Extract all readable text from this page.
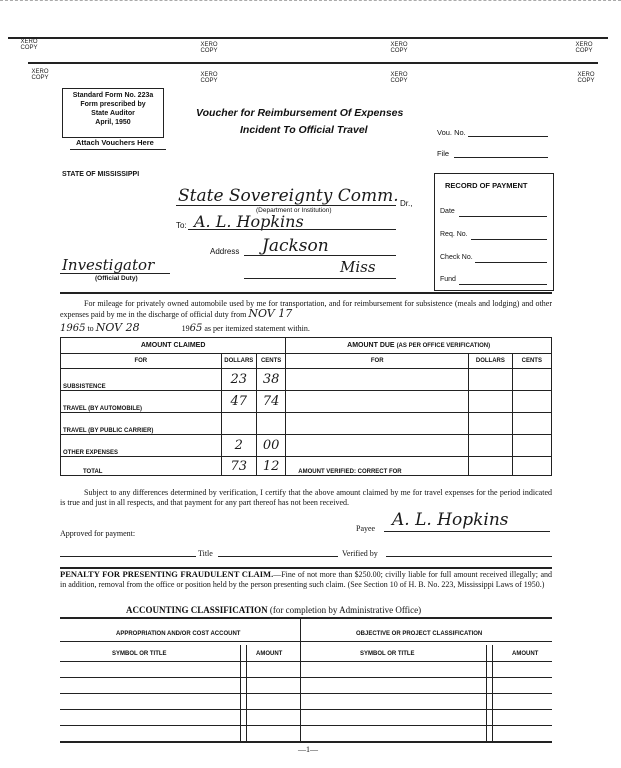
XERO COPY	XERO COPY
XERO COPY
XERO COPY
XERO COPY	XERO COPY
XERO COPY
XERO COPY
Standard Form No. 223a
Form prescribed by
State Auditor
April, 1950
Attach Vouchers Here
Voucher for Reimbursement Of Expenses
Incident To Official Travel	Vou. No.
File
STATE OF MISSISSIPPI
State Sovereignty Comm. Dr.,
(Department or Institution)
To: A. L. Hopkins
Address Jackson
Miss
Investigator
(Official Duty)
RECORD OF PAYMENT
Date
Req. No.
Check No.
Fund
For mileage for privately owned automobile used by me for transportation, and for reimbursement for subsistence (meals and lodging) and other expenses paid by me in the discharge of official duty from NOV 17
1965 to NOV 28	1965 as per itemized statement within.
AMOUNT CLAIMED			AMOUNT DUE (AS PER OFFICE VERIFICATION)		
FOR	DOLLARS	CENTS	FOR	DOLLARS	CENTS
SUBSISTENCE	23	38			
TRAVEL (BY AUTOMOBILE)	47	74			
TRAVEL (BY PUBLIC CARRIER)					
OTHER EXPENSES	2	00			
TOTAL	73	12	AMOUNT VERIFIED: CORRECT FOR		
Subject to any differences determined by verification, I certify that the above amount claimed by me for travel expenses for the period indicated is true and just in all respects, and that payment for any part thereof has not been received.
Approved for payment:
Payee A. L. Hopkins
Title	Verified by
PENALTY FOR PRESENTING FRAUDULENT CLAIM.—Fine of not more than $250.00; civilly liable for full amount received illegally; and in addition, removal from the office or position held by the person presenting such claim. (See Section 10 of H. B. No. 223, Mississippi Laws of 1950.)
ACCOUNTING CLASSIFICATION (for completion by Administrative Office)
APPROPRIATION AND/OR COST ACCOUNT	OBJECTIVE OR PROJECT CLASSIFICATION
SYMBOL OR TITLE	AMOUNT	SYMBOL OR TITLE	AMOUNT
—1—
